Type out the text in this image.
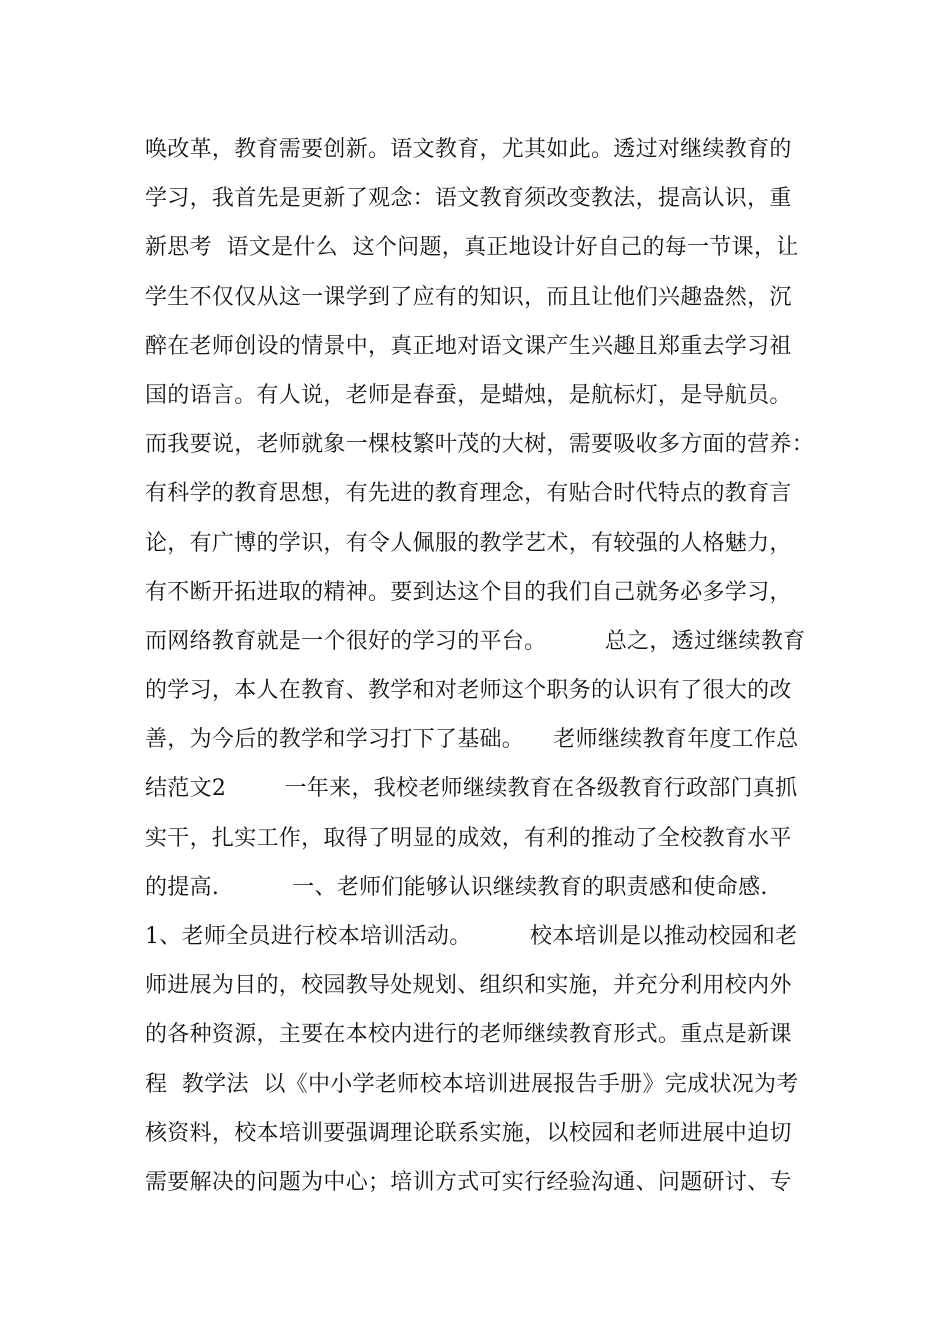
唤改革，教育需要创新。语文教育，尤其如此。透过对继续教育的
学习，我首先是更新了观念：语文教育须改变教法，提高认识，重
新思考  语文是什么  这个问题，真正地设计好自己的每一节课，让
学生不仅仅从这一课学到了应有的知识，而且让他们兴趣盎然，沉
醉在老师创设的情景中，真正地对语文课产生兴趣且郑重去学习祖
国的语言。有人说，老师是春蚕，是蜡烛，是航标灯，是导航员。
而我要说，老师就象一棵枝繁叶茂的大树，需要吸收多方面的营养：
有科学的教育思想，有先进的教育理念，有贴合时代特点的教育言
论，有广博的学识，有令人佩服的教学艺术，有较强的人格魅力，
有不断开拓进取的精神。要到达这个目的我们自己就务必多学习，
而网络教育就是一个很好的学习的平台。        总之，透过继续教育
的学习，本人在教育、教学和对老师这个职务的认识有了很大的改
善，为今后的教学和学习打下了基础。    老师继续教育年度工作总
结范文2        一年来，我校老师继续教育在各级教育行政部门真抓
实干，扎实工作，取得了明显的成效，有利的推动了全校教育水平
的提高.          一、老师们能够认识继续教育的职责感和使命感.
1、老师全员进行校本培训活动。        校本培训是以推动校园和老
师进展为目的，校园教导处规划、组织和实施，并充分利用校内外
的各种资源，主要在本校内进行的老师继续教育形式。重点是新课
程  教学法  以《中小学老师校本培训进展报告手册》完成状况为考
核资料，校本培训要强调理论联系实施，以校园和老师进展中迫切
需要解决的问题为中心；培训方式可实行经验沟通、问题研讨、专
